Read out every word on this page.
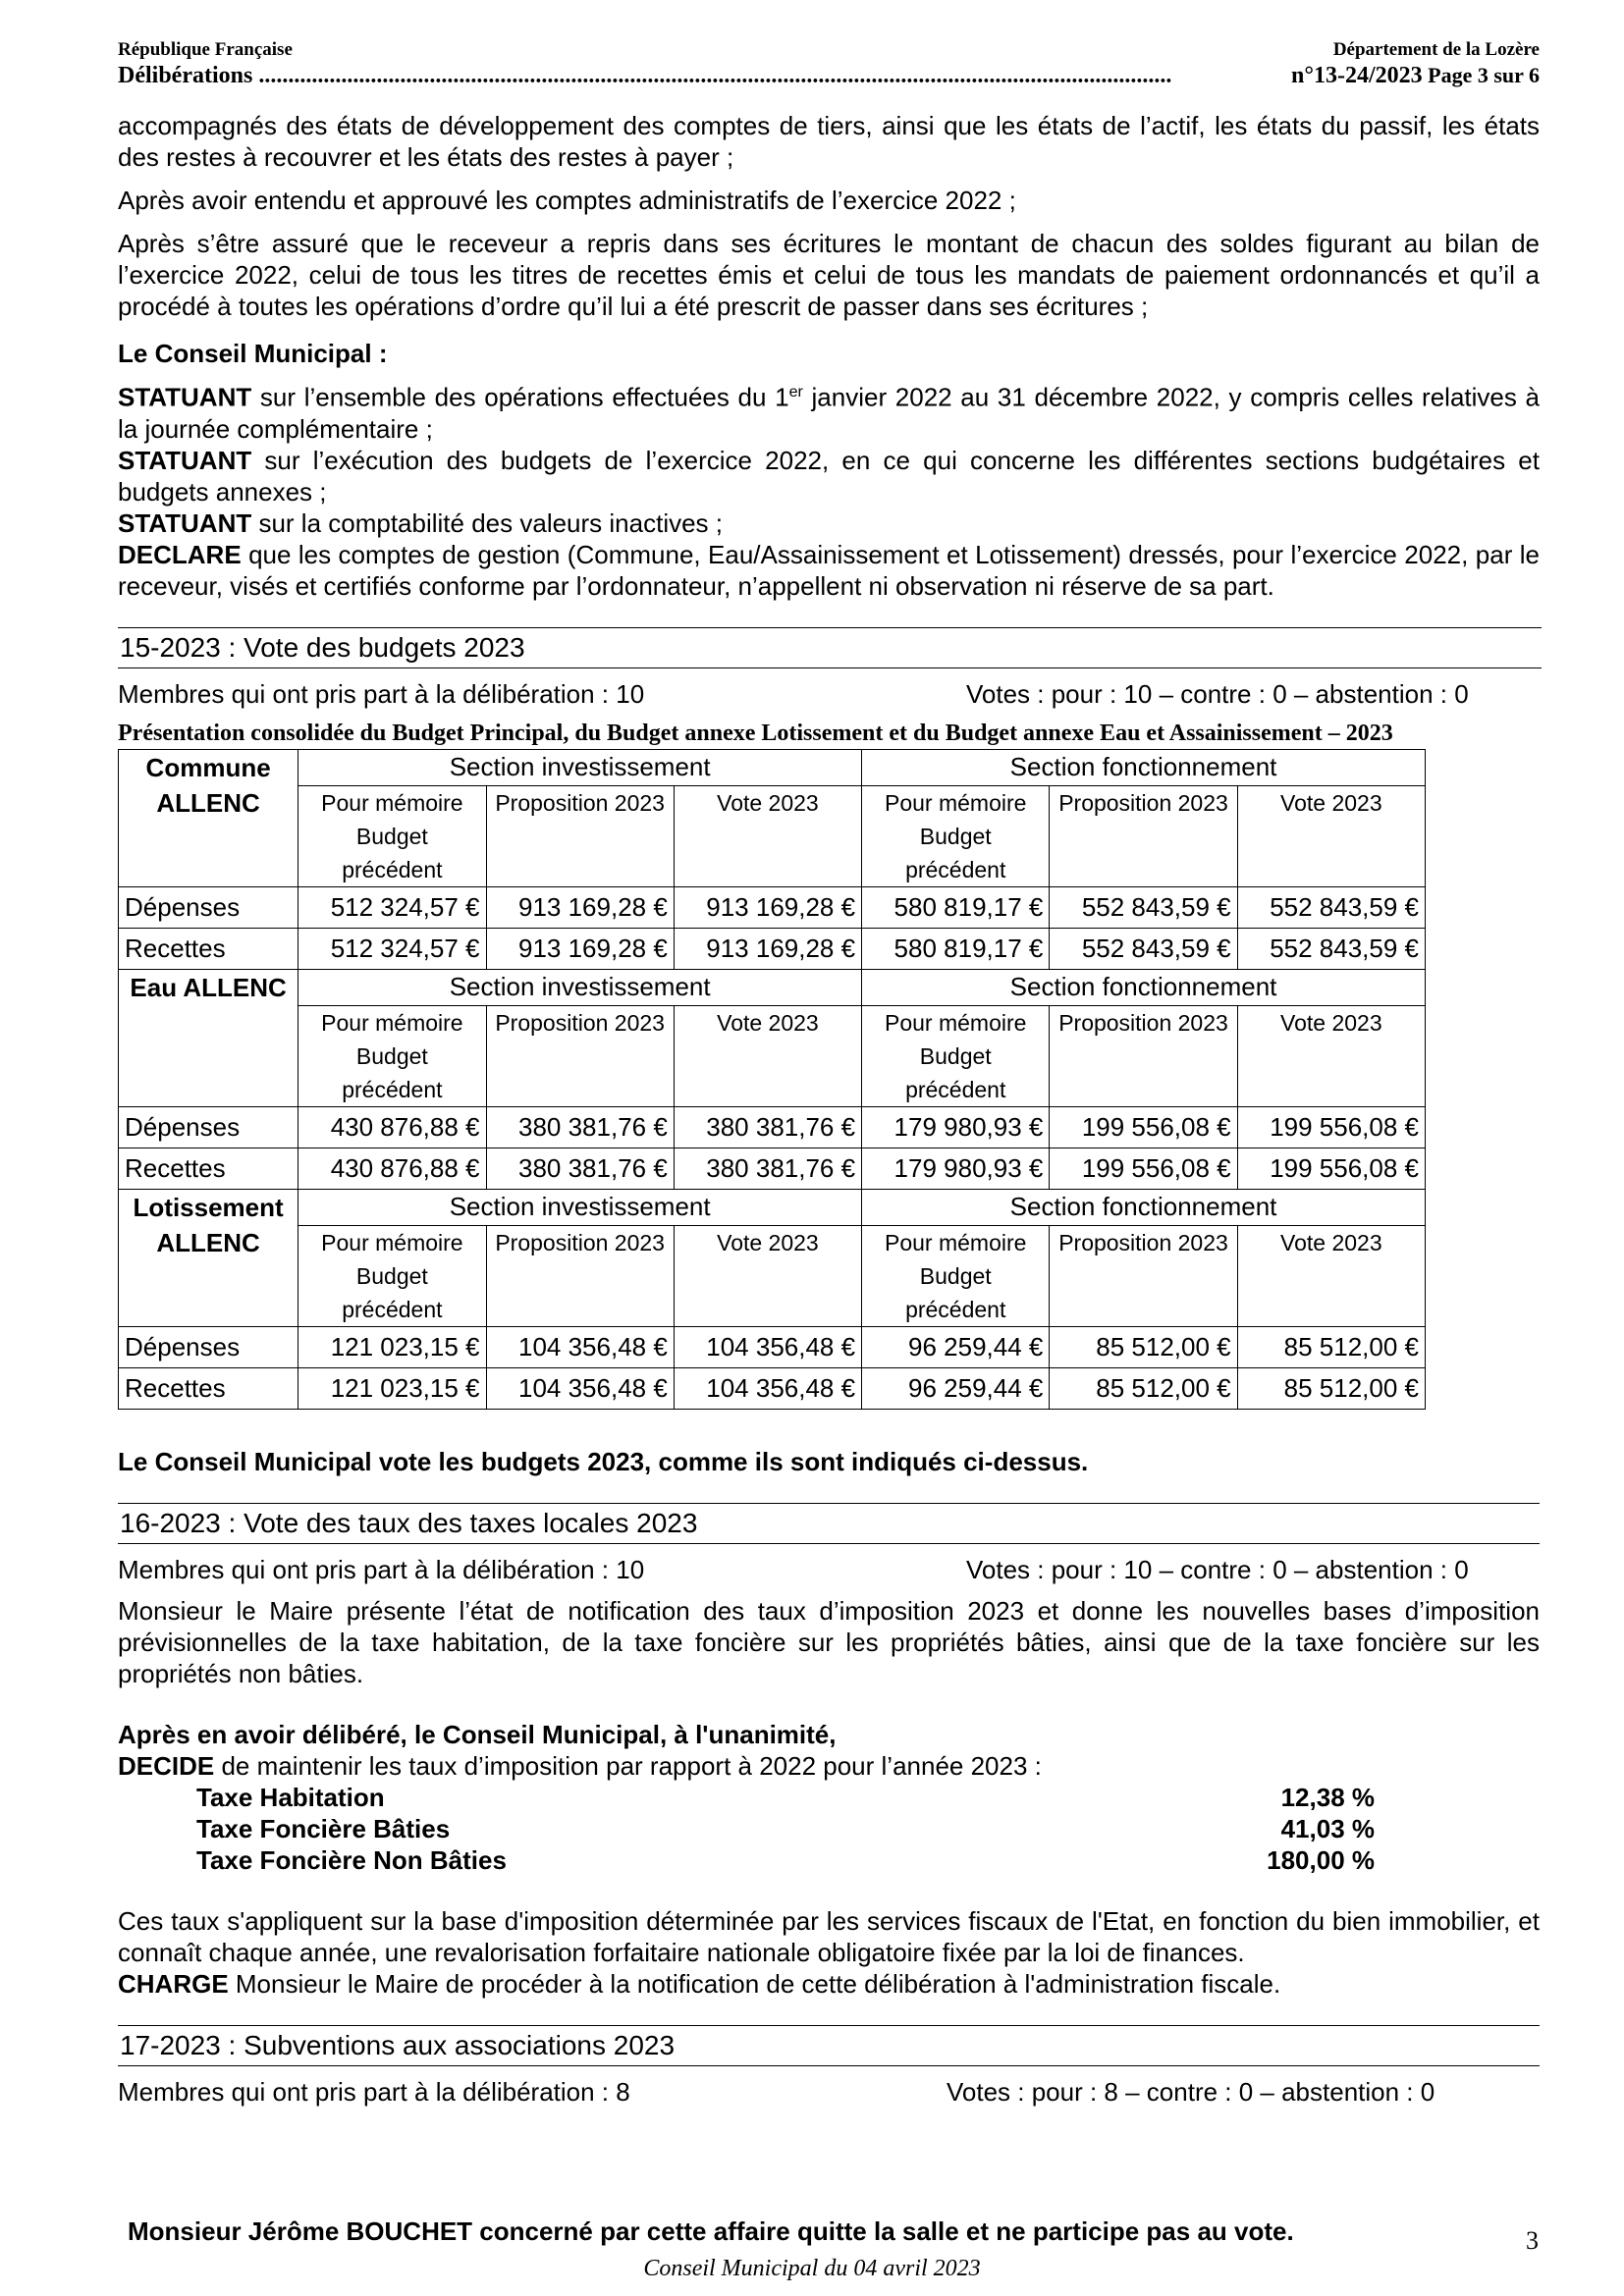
République Française	Département de la Lozère
Délibérations ...........................................................................................................................................................	n°13-24/2023
Page 3 sur 6

accompagnés des états de développement des comptes de tiers, ainsi que les états de l’actif, les états du passif, les états des restes à recouvrer et les états des restes à payer ;

Après avoir entendu et approuvé les comptes administratifs de l’exercice 2022 ;

Après s’être assuré que le receveur a repris dans ses écritures le montant de chacun des soldes figurant au bilan de l’exercice 2022, celui de tous les titres de recettes émis et celui de tous les mandats de paiement ordonnancés et qu’il a procédé à toutes les opérations d’ordre qu’il lui a été prescrit de passer dans ses écritures ;

Le Conseil Municipal :

STATUANT sur l’ensemble des opérations effectuées du 1er janvier 2022 au 31 décembre 2022, y compris celles relatives à la journée complémentaire ;

STATUANT sur l’exécution des budgets de l’exercice 2022, en ce qui concerne les différentes sections budgétaires et budgets annexes ;

STATUANT sur la comptabilité des valeurs inactives ;

DECLARE que les comptes de gestion (Commune, Eau/Assainissement et Lotissement) dressés, pour l’exercice 2022, par le receveur, visés et certifiés conforme par l’ordonnateur, n’appellent ni observation ni réserve de sa part.

15-2023 : Vote des budgets 2023
Membres qui ont pris part à la délibération : 10	Votes : pour : 10 – contre : 0 – abstention : 0
Présentation consolidée du Budget Principal, du Budget annexe Lotissement et du Budget annexe Eau et Assainissement – 2023
Commune ALLENC	Section investissement			Section fonctionnement		
	Pour mémoire Budget précédent	Proposition 2023	Vote 2023	Pour mémoire Budget précédent	Proposition 2023	Vote 2023
Dépenses	512 324,57 €	913 169,28 €	913 169,28 €	580 819,17 €	552 843,59 €	552 843,59 €
Recettes	512 324,57 €	913 169,28 €	913 169,28 €	580 819,17 €	552 843,59 €	552 843,59 €
Eau ALLENC	Section investissement			Section fonctionnement		
	Pour mémoire Budget précédent	Proposition 2023	Vote 2023	Pour mémoire Budget précédent	Proposition 2023	Vote 2023
Dépenses	430 876,88 €	380 381,76 €	380 381,76 €	179 980,93 €	199 556,08 €	199 556,08 €
Recettes	430 876,88 €	380 381,76 €	380 381,76 €	179 980,93 €	199 556,08 €	199 556,08 €
Lotissement ALLENC	Section investissement			Section fonctionnement		
	Pour mémoire Budget précédent	Proposition 2023	Vote 2023	Pour mémoire Budget précédent	Proposition 2023	Vote 2023
Dépenses	121 023,15 €	104 356,48 €	104 356,48 €	96 259,44 €	85 512,00 €	85 512,00 €
Recettes	121 023,15 €	104 356,48 €	104 356,48 €	96 259,44 €	85 512,00 €	85 512,00 €

Le Conseil Municipal vote les budgets 2023, comme ils sont indiqués ci-dessus.

16-2023 : Vote des taux des taxes locales 2023
Membres qui ont pris part à la délibération : 10	Votes : pour : 10 – contre : 0 – abstention : 0

Monsieur le Maire présente l’état de notification des taux d’imposition 2023 et donne les nouvelles bases d’imposition prévisionnelles de la taxe habitation, de la taxe foncière sur les propriétés bâties, ainsi que de la taxe foncière sur les propriétés non bâties.

Après en avoir délibéré, le Conseil Municipal, à l'unanimité,

DECIDE de maintenir les taux d’imposition par rapport à 2022 pour l’année 2023 :

Taxe Habitation	12,38 %
Taxe Foncière Bâties	41,03 %
Taxe Foncière Non Bâties	180,00 %

Ces taux s'appliquent sur la base d'imposition déterminée par les services fiscaux de l'Etat, en fonction du bien immobilier, et connaît chaque année, une revalorisation forfaitaire nationale obligatoire fixée par la loi de finances.

CHARGE Monsieur le Maire de procéder à la notification de cette délibération à l'administration fiscale.

17-2023 : Subventions aux associations 2023
Membres qui ont pris part à la délibération : 8	Votes : pour : 8 – contre : 0 – abstention : 0
Monsieur Jérôme BOUCHET concerné par cette affaire quitte la salle et ne participe pas au vote.	3
Conseil Municipal du 04 avril 2023
